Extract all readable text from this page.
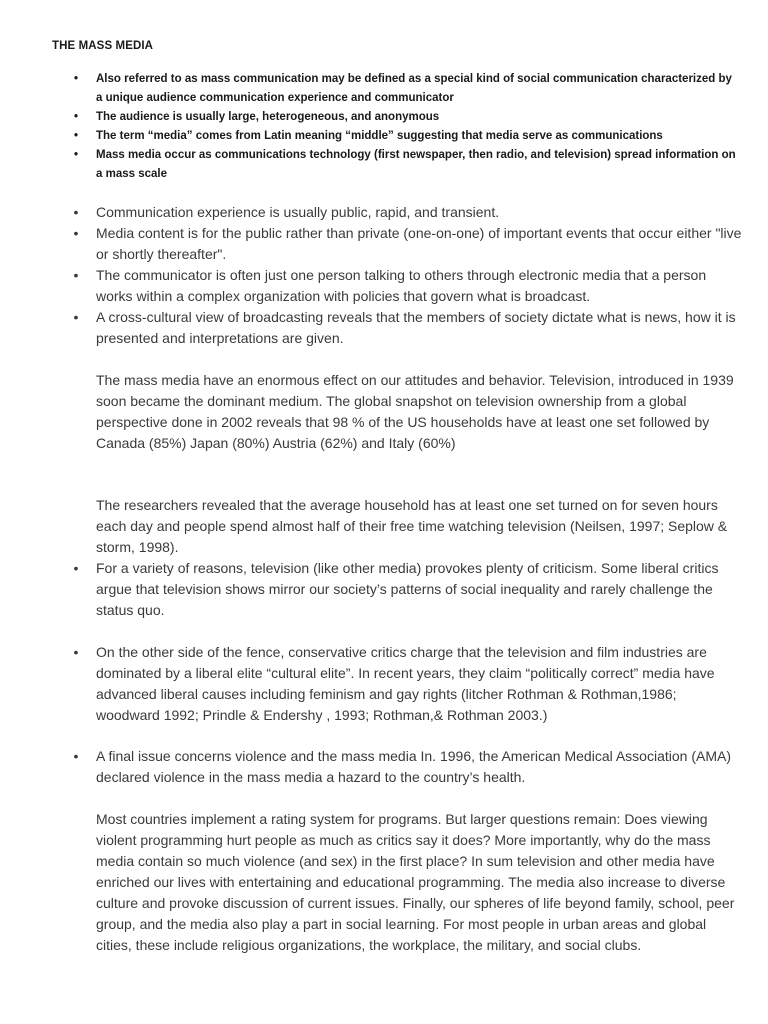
THE MASS MEDIA
• Also referred to as mass communication may be defined as a special kind of social communication characterized by a unique audience communication experience and communicator
• The audience is usually large, heterogeneous, and anonymous
• The term “media” comes from Latin meaning “middle” suggesting that media serve as communications
• Mass media occur as communications technology (first newspaper, then radio, and television) spread information on a mass scale
• Communication experience is usually public, rapid, and transient.
• Media content is for the public rather than private (one-on-one) of important events that occur either "live or shortly thereafter".
• The communicator is often just one person talking to others through electronic media that a person works within a complex organization with policies that govern what is broadcast.
• A cross-cultural view of broadcasting reveals that the members of society dictate what is news, how it is presented and interpretations are given.

The mass media have an enormous effect on our attitudes and behavior. Television, introduced in 1939 soon became the dominant medium. The global snapshot on television ownership from a global perspective done in 2002 reveals that 98 % of the US households have at least one set followed by Canada (85%) Japan (80%) Austria (62%) and Italy (60%)

The researchers revealed that the average household has at least one set turned on for seven hours each day and people spend almost half of their free time watching television (Neilsen, 1997; Seplow & storm, 1998).

• For a variety of reasons, television (like other media) provokes plenty of criticism. Some liberal critics argue that television shows mirror our society’s patterns of social inequality and rarely challenge the status quo.
• On the other side of the fence, conservative critics charge that the television and film industries are dominated by a liberal elite “cultural elite”. In recent years, they claim “politically correct” media have advanced liberal causes including feminism and gay rights (litcher Rothman & Rothman,1986; woodward 1992; Prindle & Endershy , 1993; Rothman,& Rothman 2003.)
• A final issue concerns violence and the mass media In. 1996, the American Medical Association (AMA) declared violence in the mass media a hazard to the country’s health.

Most countries implement a rating system for programs. But larger questions remain: Does viewing violent programming hurt people as much as critics say it does? More importantly, why do the mass media contain so much violence (and sex) in the first place? In sum television and other media have enriched our lives with entertaining and educational programming. The media also increase to diverse culture and provoke discussion of current issues. Finally, our spheres of life beyond family, school, peer group, and the media also play a part in social learning. For most people in urban areas and global cities, these include religious organizations, the workplace, the military, and social clubs.
